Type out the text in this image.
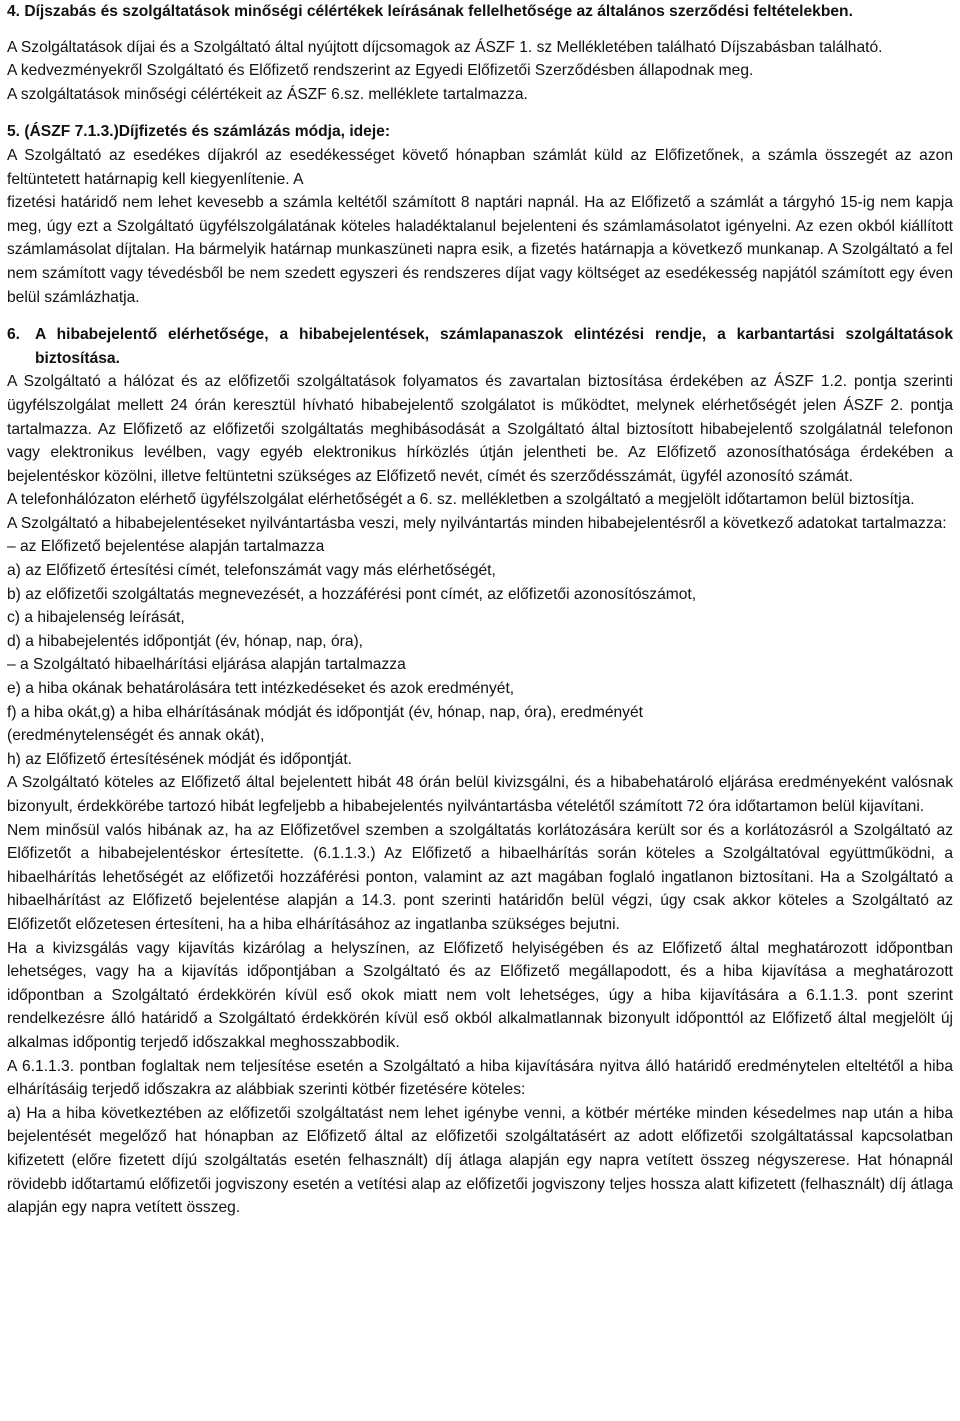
4. Díjszabás és szolgáltatások minőségi célértékek leírásának fellelhetősége az általános szerződési feltételekben.

A Szolgáltatások díjai és a Szolgáltató által nyújtott díjcsomagok az ÁSZF 1. sz Mellékletében található Díjszabásban található.

A kedvezményekről Szolgáltató és Előfizető rendszerint az Egyedi Előfizetői Szerződésben állapodnak meg.

A szolgáltatások minőségi célértékeit az ÁSZF 6.sz. melléklete tartalmazza.

5. (ÁSZF 7.1.3.)Díjfizetés és számlázás módja, ideje:

A Szolgáltató az esedékes díjakról az esedékességet követő hónapban számlát küld az Előfizetőnek, a számla összegét az azon feltüntetett határnapig kell kiegyenlítenie. A

fizetési határidő nem lehet kevesebb a számla keltétől számított 8 naptári napnál. Ha az Előfizető a számlát a tárgyhó 15-ig nem kapja meg, úgy ezt a Szolgáltató ügyfélszolgálatának köteles haladéktalanul bejelenteni és számlamásolatot igényelni. Az ezen okból kiállított számlamásolat díjtalan. Ha bármelyik határnap munkaszüneti napra esik, a fizetés határnapja a következő munkanap. A Szolgáltató a fel nem számított vagy tévedésből be nem szedett egyszeri és rendszeres díjat vagy költséget az esedékesség napjától számított egy éven belül számlázhatja.

6. A hibabejelentő elérhetősége, a hibabejelentések, számlapanaszok elintézési rendje, a karbantartási szolgáltatások biztosítása.

A Szolgáltató a hálózat és az előfizetői szolgáltatások folyamatos és zavartalan biztosítása érdekében az ÁSZF 1.2. pontja szerinti ügyfélszolgálat mellett 24 órán keresztül hívható hibabejelentő szolgálatot is működtet, melynek elérhetőségét jelen ÁSZF 2. pontja tartalmazza. Az Előfizető az előfizetői szolgáltatás meghibásodását a Szolgáltató által biztosított hibabejelentő szolgálatnál telefonon vagy elektronikus levélben, vagy egyéb elektronikus hírközlés útján jelentheti be. Az Előfizető azonosíthatósága érdekében a bejelentéskor közölni, illetve feltüntetni szükséges az Előfizető nevét, címét és szerződésszámát, ügyfél azonosító számát.

A telefonhálózaton elérhető ügyfélszolgálat elérhetőségét a 6. sz. mellékletben a szolgáltató a megjelölt időtartamon belül biztosítja.

A Szolgáltató a hibabejelentéseket nyilvántartásba veszi, mely nyilvántartás minden hibabejelentésről a következő adatokat tartalmazza:

– az Előfizető bejelentése alapján tartalmazza

a) az Előfizető értesítési címét, telefonszámát vagy más elérhetőségét,

b) az előfizetői szolgáltatás megnevezését, a hozzáférési pont címét, az előfizetői azonosítószámot,

c) a hibajelenség leírását,

d) a hibabejelentés időpontját (év, hónap, nap, óra),

– a Szolgáltató hibaelhárítási eljárása alapján tartalmazza

e) a hiba okának behatárolására tett intézkedéseket és azok eredményét,

f) a hiba okát,g) a hiba elhárításának módját és időpontját (év, hónap, nap, óra), eredményét

(eredménytelenségét és annak okát),

h) az Előfizető értesítésének módját és időpontját.

A Szolgáltató köteles az Előfizető által bejelentett hibát 48 órán belül kivizsgálni, és a hibabehatároló eljárása eredményeként valósnak bizonyult, érdekkörébe tartozó hibát legfeljebb a hibabejelentés nyilvántartásba vételétől számított 72 óra időtartamon belül kijavítani.

Nem minősül valós hibának az, ha az Előfizetővel szemben a szolgáltatás korlátozására került sor és a korlátozásról a Szolgáltató az Előfizetőt a hibabejelentéskor értesítette. (6.1.1.3.) Az Előfizető a hibaelhárítás során köteles a Szolgáltatóval együttműködni, a hibaelhárítás lehetőségét az előfizetői hozzáférési ponton, valamint az azt magában foglaló ingatlanon biztosítani. Ha a Szolgáltató a hibaelhárítást az Előfizető bejelentése alapján a 14.3. pont szerinti határidőn belül végzi, úgy csak akkor köteles a Szolgáltató az Előfizetőt előzetesen értesíteni, ha a hiba elhárításához az ingatlanba szükséges bejutni.

Ha a kivizsgálás vagy kijavítás kizárólag a helyszínen, az Előfizető helyiségében és az Előfizető által meghatározott időpontban lehetséges, vagy ha a kijavítás időpontjában a Szolgáltató és az Előfizető megállapodott, és a hiba kijavítása a meghatározott időpontban a Szolgáltató érdekkörén kívül eső okok miatt nem volt lehetséges, úgy a hiba kijavítására a 6.1.1.3. pont szerint rendelkezésre álló határidő a Szolgáltató érdekkörén kívül eső okból alkalmatlannak bizonyult időponttól az Előfizető által megjelölt új alkalmas időpontig terjedő időszakkal meghosszabbodik.

A 6.1.1.3. pontban foglaltak nem teljesítése esetén a Szolgáltató a hiba kijavítására nyitva álló határidő eredménytelen elteltétől a hiba elhárításáig terjedő időszakra az alábbiak szerinti kötbér fizetésére köteles:

a) Ha a hiba következtében az előfizetői szolgáltatást nem lehet igénybe venni, a kötbér mértéke minden késedelmes nap után a hiba bejelentését megelőző hat hónapban az Előfizető által az előfizetői szolgáltatásért az adott előfizetői szolgáltatással kapcsolatban kifizetett (előre fizetett díjú szolgáltatás esetén felhasznált) díj átlaga alapján egy napra vetített összeg négyszerese. Hat hónapnál rövidebb időtartamú előfizetői jogviszony esetén a vetítési alap az előfizetői jogviszony teljes hossza alatt kifizetett (felhasznált) díj átlaga alapján egy napra vetített összeg.
